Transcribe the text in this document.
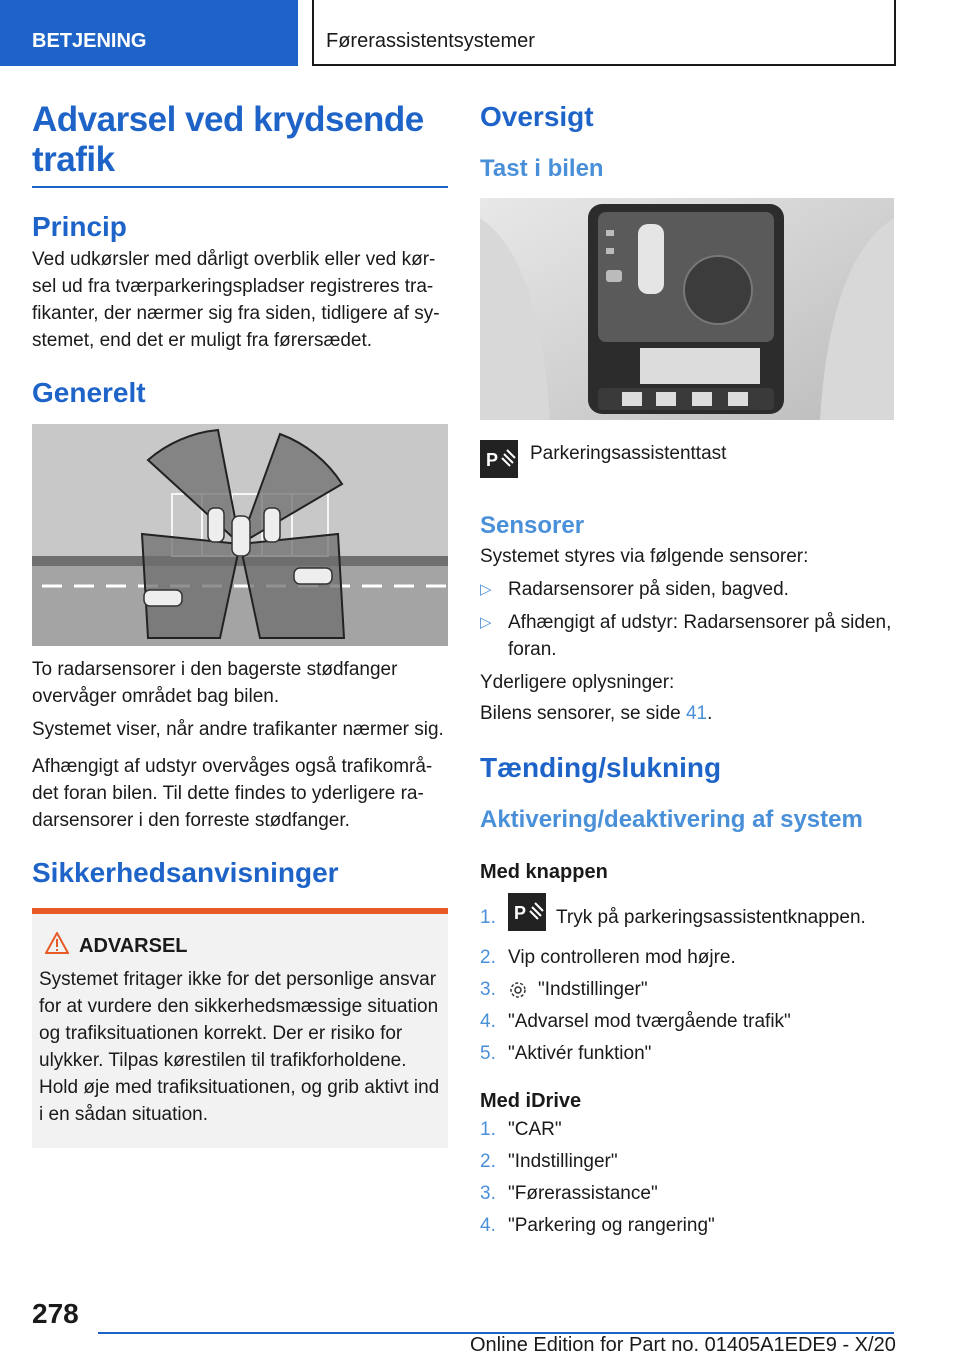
BETJENING	Førerassistentsystemer
Advarsel ved krydsende trafik
Princip

Ved udkørsler med dårligt overblik eller ved kør-sel ud fra tværparkeringspladser registreres tra-fikanter, der nærmer sig fra siden, tidligere af sy-stemet, end det er muligt fra førersædet.

Generelt

To radarsensorer i den bagerste stødfanger overvåger området bag bilen.

Systemet viser, når andre trafikanter nærmer sig.

Afhængigt af udstyr overvåges også trafikområ-det foran bilen. Til dette findes to yderligere ra-darsensorer i den forreste stødfanger.

Sikkerhedsanvisninger
ADVARSEL

Systemet fritager ikke for det personlige ansvar for at vurdere den sikkerhedsmæssige situation og trafiksituationen korrekt. Der er risiko for ulykker. Tilpas kørestilen til trafikforholdene. Hold øje med trafiksituationen, og grib aktivt ind i en sådan situation.

Oversigt
Tast i bilen
P Parkeringsassistenttast

Sensorer

Systemet styres via følgende sensorer:

▷ Radarsensorer på siden, bagved.
▷ Afhængigt af udstyr: Radarsensorer på siden, foran.

Yderligere oplysninger:

Bilens sensorer, se side 41.

Tænding/slukning
Aktivering/deaktivering af system
Med knappen
1.	P Tryk på parkeringsassistentknappen.
2. Vip controlleren mod højre.
3.	"Indstillinger"
4. "Advarsel mod tværgående trafik"
5. "Aktivér funktion"
Med iDrive
1. "CAR"
2. "Indstillinger"
3. "Førerassistance"
4. "Parkering og rangering"
278
Online Edition for Part no. 01405A1EDE9 - X/20
